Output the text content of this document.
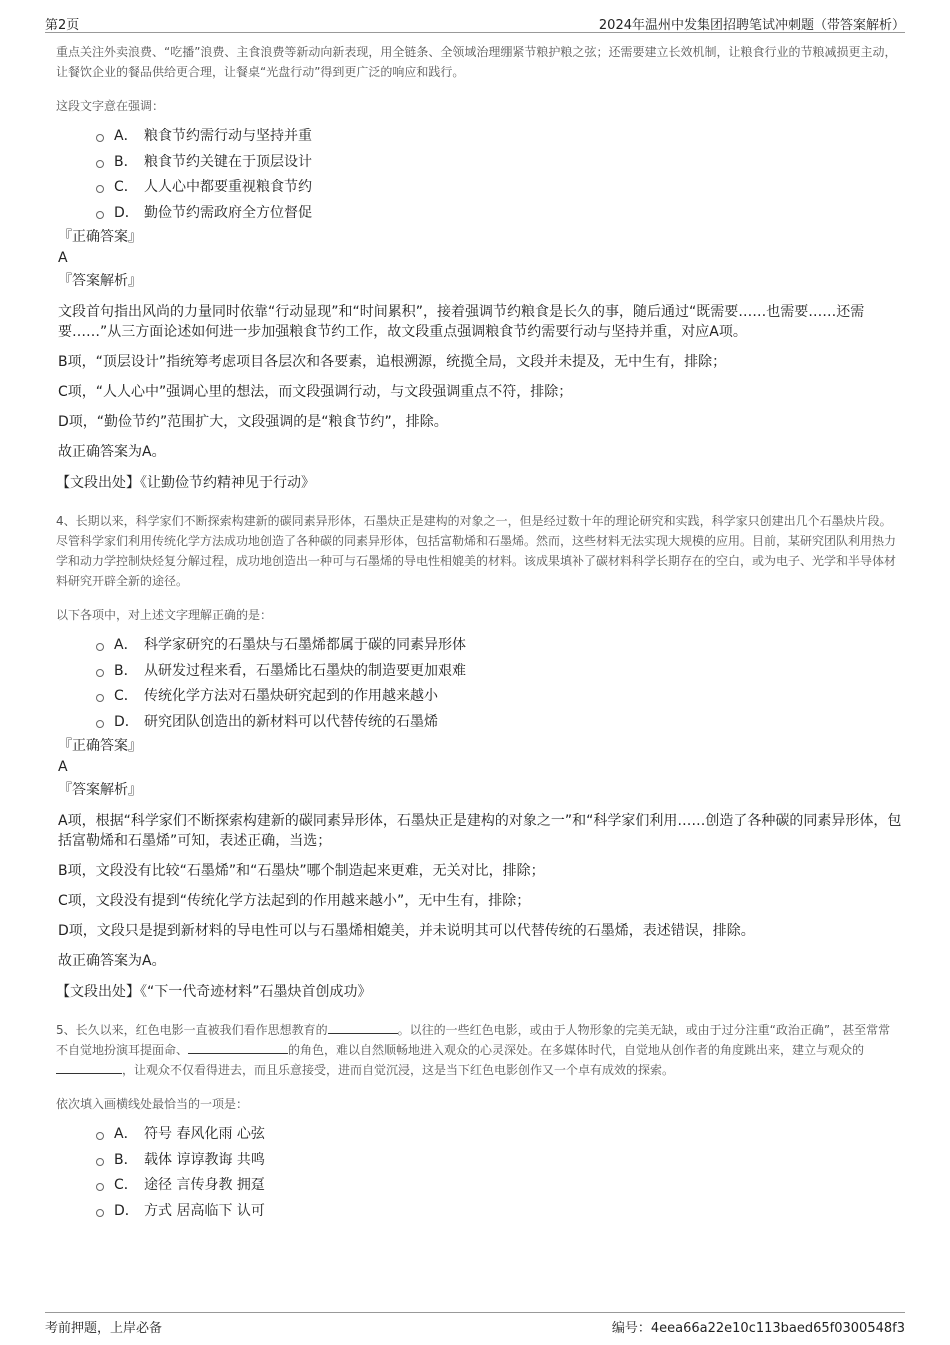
第2页	2024年温州中发集团招聘笔试冲刺题（带答案解析）

重点关注外卖浪费、“吃播”浪费、主食浪费等新动向新表现，用全链条、全领域治理绷紧节粮护粮之弦；还需要建立长效机制，让粮食行业的节粮减损更主动，让餐饮企业的餐品供给更合理，让餐桌“光盘行动”得到更广泛的响应和践行。

这段文字意在强调：

A． 粮食节约需行动与坚持并重
B． 粮食节约关键在于顶层设计
C． 人人心中都要重视粮食节约
D． 勤俭节约需政府全方位督促

『正确答案』

A

『答案解析』

文段首句指出风尚的力量同时依靠“行动显现”和“时间累积”，接着强调节约粮食是长久的事，随后通过“既需要……也需要……还需要……”从三方面论述如何进一步加强粮食节约工作，故文段重点强调粮食节约需要行动与坚持并重，对应A项。

B项，“顶层设计”指统筹考虑项目各层次和各要素，追根溯源，统揽全局，文段并未提及，无中生有，排除；

C项，“人人心中”强调心里的想法，而文段强调行动，与文段强调重点不符，排除；

D项，“勤俭节约”范围扩大，文段强调的是“粮食节约”，排除。

故正确答案为A。

【文段出处】《让勤俭节约精神见于行动》

4、长期以来，科学家们不断探索构建新的碳同素异形体，石墨炔正是建构的对象之一，但是经过数十年的理论研究和实践，科学家只创建出几个石墨炔片段。尽管科学家们利用传统化学方法成功地创造了各种碳的同素异形体，包括富勒烯和石墨烯。然而，这些材料无法实现大规模的应用。目前，某研究团队利用热力学和动力学控制炔烃复分解过程，成功地创造出一种可与石墨烯的导电性相媲美的材料。该成果填补了碳材料科学长期存在的空白，或为电子、光学和半导体材料研究开辟全新的途径。

以下各项中，对上述文字理解正确的是：

A． 科学家研究的石墨炔与石墨烯都属于碳的同素异形体
B． 从研发过程来看，石墨烯比石墨炔的制造要更加艰难
C． 传统化学方法对石墨炔研究起到的作用越来越小
D． 研究团队创造出的新材料可以代替传统的石墨烯

『正确答案』

A

『答案解析』

A项，根据“科学家们不断探索构建新的碳同素异形体，石墨炔正是建构的对象之一”和“科学家们利用……创造了各种碳的同素异形体，包括富勒烯和石墨烯”可知，表述正确，当选；

B项，文段没有比较“石墨烯”和“石墨炔”哪个制造起来更难，无关对比，排除；

C项，文段没有提到“传统化学方法起到的作用越来越小”，无中生有，排除；

D项，文段只是提到新材料的导电性可以与石墨烯相媲美，并未说明其可以代替传统的石墨烯，表述错误，排除。

故正确答案为A。

【文段出处】《“下一代奇迹材料”石墨炔首创成功》

5、长久以来，红色电影一直被我们看作思想教育的	。以往的一些红色电影，或由于人物形象的完美无缺，或由于过分注重“政治正确”，甚至常常不自觉地扮演耳提面命、	的角色，难以自然顺畅地进入观众的心灵深处。在多媒体时代，自觉地从创作者的角度跳出来，建立与观众的，让观众不仅看得进去，而且乐意接受，进而自觉沉浸，这是当下红色电影创作又一个卓有成效的探索。

依次填入画横线处最恰当的一项是：

A． 符号 春风化雨 心弦
B． 载体 谆谆教诲 共鸣
C． 途径 言传身教 拥趸
D． 方式 居高临下 认可
考前押题，上岸必备	编号：4eea66a22e10c113baed65f0300548f3
